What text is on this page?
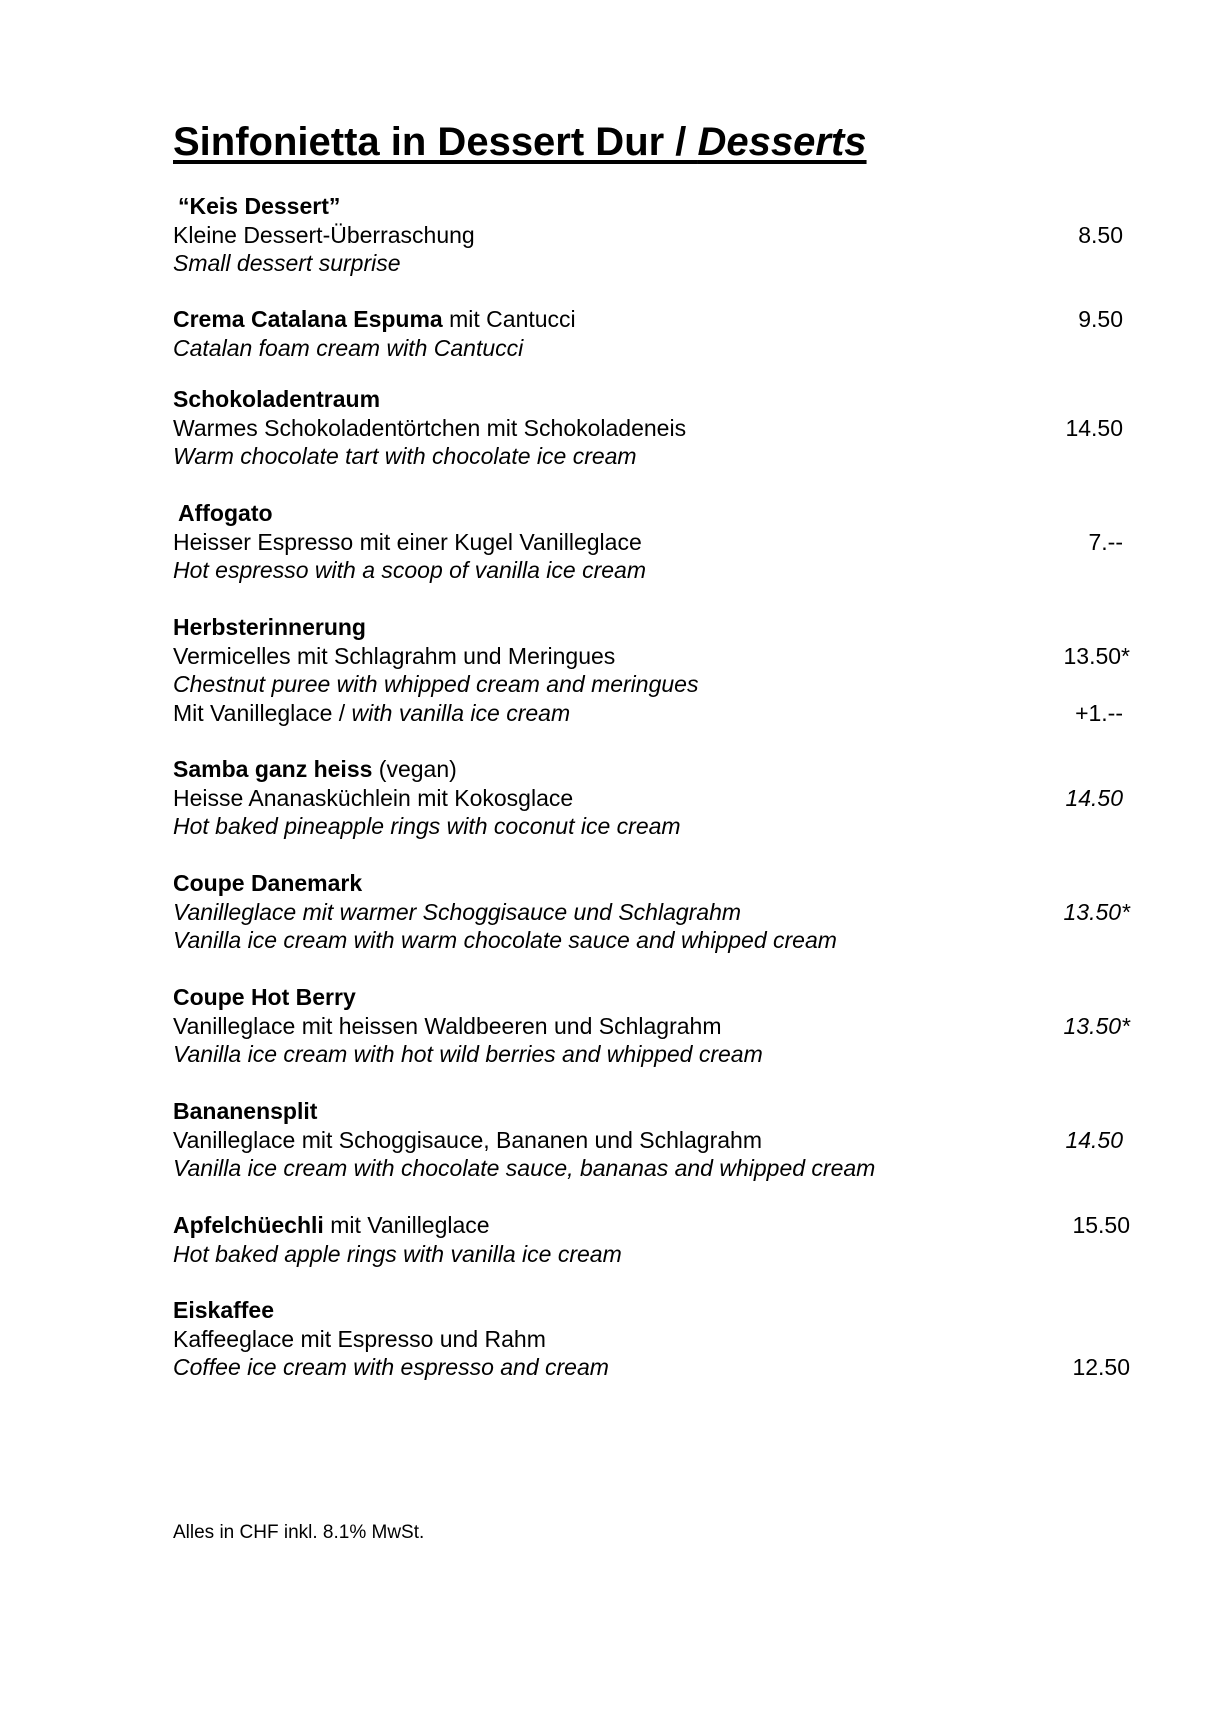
Sinfonietta in Dessert Dur / Desserts
“Keis Dessert”
Kleine Dessert-Überraschung	8.50
Small dessert surprise
Crema Catalana Espuma mit Cantucci	9.50
Catalan foam cream with Cantucci
Schokoladentraum
Warmes Schokoladentörtchen mit Schokoladeneis	14.50
Warm chocolate tart with chocolate ice cream
Affogato
Heisser Espresso mit einer Kugel Vanilleglace	7.--
Hot espresso with a scoop of vanilla ice cream
Herbsterinnerung
Vermicelles mit Schlagrahm und Meringues	13.50*
Chestnut puree with whipped cream and meringues
Mit Vanilleglace / with vanilla ice cream	+1.--
Samba ganz heiss (vegan)
Heisse Ananasküchlein mit Kokosglace	14.50
Hot baked pineapple rings with coconut ice cream
Coupe Danemark
Vanilleglace mit warmer Schoggisauce und Schlagrahm	13.50*
Vanilla ice cream with warm chocolate sauce and whipped cream
Coupe Hot Berry
Vanilleglace mit heissen Waldbeeren und Schlagrahm	13.50*
Vanilla ice cream with hot wild berries and whipped cream
Bananensplit
Vanilleglace mit Schoggisauce, Bananen und Schlagrahm	14.50
Vanilla ice cream with chocolate sauce, bananas and whipped cream
Apfelchüechli mit Vanilleglace	15.50
Hot baked apple rings with vanilla ice cream
Eiskaffee
Kaffeeglace mit Espresso und Rahm
Coffee ice cream with espresso and cream	12.50
Alles in CHF inkl. 8.1% MwSt.
